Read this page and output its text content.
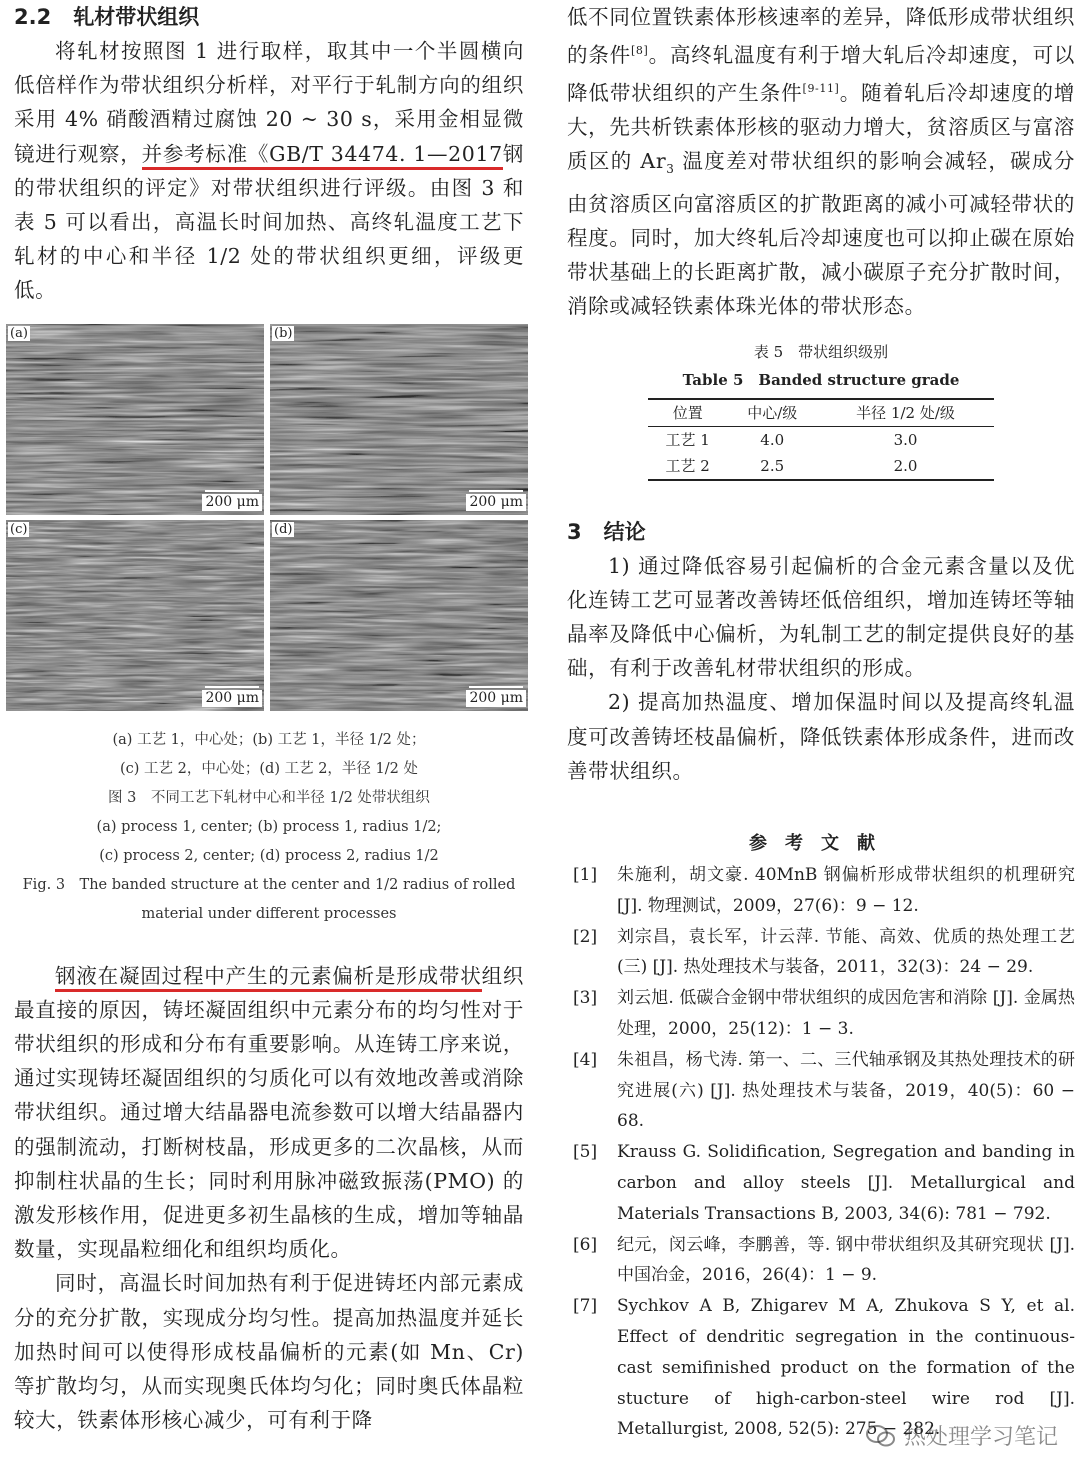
2.2 轧材带状组织

将轧材按照图 1 进行取样，取其中一个半圆横向低倍样作为带状组织分析样，对平行于轧制方向的组织采用 4% 硝酸酒精过腐蚀 20 ~ 30 s，采用金相显微镜进行观察，并参考标准《GB/T 34474. 1—2017钢的带状组织的评定》对带状组织进行评级。由图 3 和表 5 可以看出，高温长时间加热、高终轧温度工艺下轧材的中心和半径 1/2 处的带状组织更细，评级更低。

(a)
200 μm
(b)
200 μm
(c)
200 μm
(d)
200 μm
(a) 工艺 1，中心处；(b) 工艺 1，半径 1/2 处；
(c) 工艺 2，中心处；(d) 工艺 2，半径 1/2 处
图 3　不同工艺下轧材中心和半径 1/2 处带状组织
(a) process 1, center; (b) process 1, radius 1/2;
(c) process 2, center; (d) process 2, radius 1/2
Fig. 3　The banded structure at the center and 1/2 radius of rolled
material under different processes

钢液在凝固过程中产生的元素偏析是形成带状组织最直接的原因，铸坯凝固组织中元素分布的均匀性对于带状组织的形成和分布有重要影响。从连铸工序来说，通过实现铸坯凝固组织的匀质化可以有效地改善或消除带状组织。通过增大结晶器电流参数可以增大结晶器内的强制流动，打断树枝晶，形成更多的二次晶核，从而抑制柱状晶的生长；同时利用脉冲磁致振荡(PMO) 的激发形核作用，促进更多初生晶核的生成，增加等轴晶数量，实现晶粒细化和组织均质化。

同时，高温长时间加热有利于促进铸坯内部元素成分的充分扩散，实现成分均匀性。提高加热温度并延长加热时间可以使得形成枝晶偏析的元素(如 Mn、Cr) 等扩散均匀，从而实现奥氏体均匀化；同时奥氏体晶粒较大，铁素体形核心减少，可有利于降

低不同位置铁素体形核速率的差异，降低形成带状组织的条件[8]。高终轧温度有利于增大轧后冷却速度，可以降低带状组织的产生条件[9-11]。随着轧后冷却速度的增大，先共析铁素体形核的驱动力增大，贫溶质区与富溶质区的 $Ar_3$ 温度差对带状组织的影响会减轻，碳成分由贫溶质区向富溶质区的扩散距离的减小可减轻带状的程度。同时，加大终轧后冷却速度也可以抑止碳在原始带状基础上的长距离扩散，减小碳原子充分扩散时间，消除或减轻铁素体珠光体的带状形态。

表 5　带状组织级别
Table 5　Banded structure grade
位置	中心/级	半径 1/2 处/级
工艺 1	4.0	3.0
工艺 2	2.5	2.0
3 结论

1) 通过降低容易引起偏析的合金元素含量以及优化连铸工艺可显著改善铸坯低倍组织，增加连铸坯等轴晶率及降低中心偏析，为轧制工艺的制定提供良好的基础，有利于改善轧材带状组织的形成。

2) 提高加热温度、增加保温时间以及提高终轧温度可改善铸坯枝晶偏析，降低铁素体形成条件，进而改善带状组织。

参考文献
[1] 朱施利，胡文豪. 40MnB 钢偏析形成带状组织的机理研究 [J]. 物理测试，2009，27(6)：9 − 12.
[2] 刘宗昌，袁长军，计云萍. 节能、高效、优质的热处理工艺(三) [J]. 热处理技术与装备，2011，32(3)：24 − 29.
[3] 刘云旭. 低碳合金钢中带状组织的成因危害和消除 [J]. 金属热处理，2000，25(12)：1 − 3.
[4] 朱祖昌，杨弋涛. 第一、二、三代轴承钢及其热处理技术的研究进展(六) [J]. 热处理技术与装备，2019，40(5)：60 − 68.
[5] Krauss G. Solidification, Segregation and banding in carbon and alloy steels [J]. Metallurgical and Materials Transactions B, 2003, 34(6): 781 − 792.
[6] 纪元，闵云峰，李鹏善，等. 钢中带状组织及其研究现状 [J]. 中国冶金，2016，26(4)：1 − 9.
[7] Sychkov A B, Zhigarev M A, Zhukova S Y, et al. Effect of dendritic segregation in the continuous-cast semifinished product on the formation of the stucture of high-carbon-steel wire rod [J]. Metallurgist, 2008, 52(5): 275 − 282.
热处理学习笔记
